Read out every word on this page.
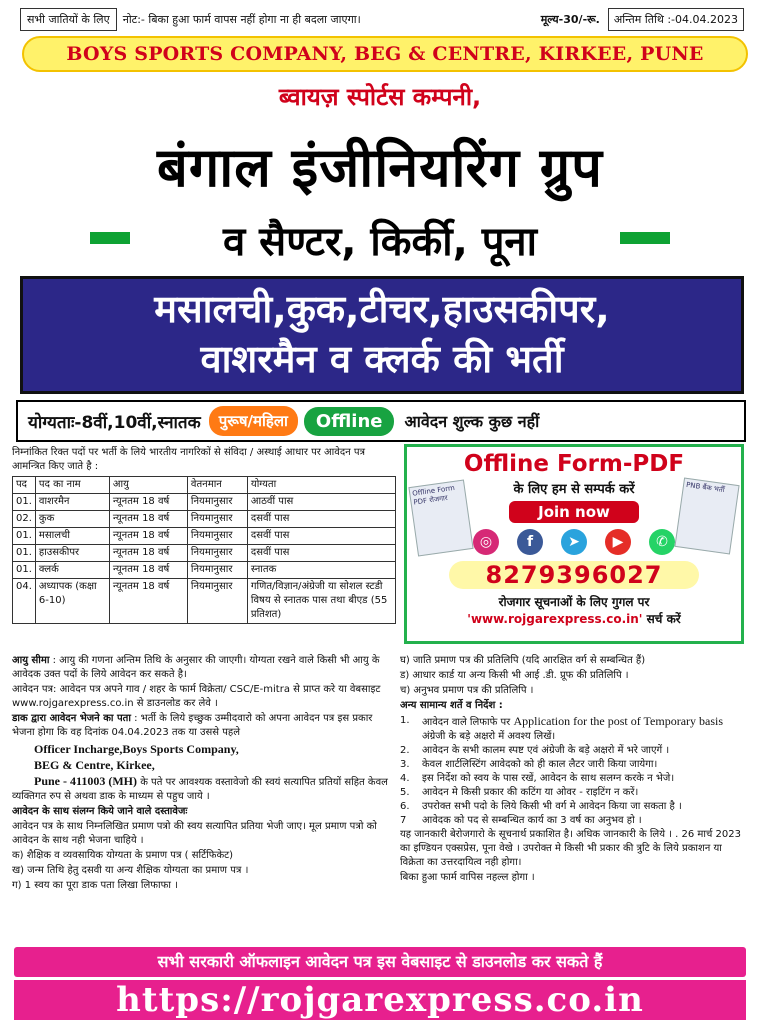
सभी जातियों के लिए	नोट:- बिका हुआ फार्म वापस नहीं होगा ना ही बदला जाएगा।	मूल्य-30/-रू.	अन्तिम तिथि :-04.04.2023
BOYS SPORTS COMPANY, BEG & CENTRE, KIRKEE, PUNE
ब्वायज़ स्पोर्टस कम्पनी,
बंगाल इंजीनियरिंग ग्रुप
व सैण्टर, किर्की, पूना
मसालची,कुक,टीचर,हाउसकीपर,
वाशरमैन व क्लर्क की भर्ती
योग्यताः-8वीं,10वीं,स्नातक	पुरूष/महिला	Offline	आवेदन शुल्क कुछ नहीं

निम्नांकित रिक्त पदों पर भर्ती के लिये भारतीय नागरिकों से संविदा / अस्थाई आधार पर आवेदन पत्र आमन्त्रित किए जाते है :

पद	पद का नाम	आयु	वेतनमान	योग्यता
01.	वाशरमैन	न्यूनतम 18 वर्ष	नियमानुसार	आठवीं पास
02.	कुक	न्यूनतम 18 वर्ष	नियमानुसार	दसवीं पास
01.	मसालची	न्यूनतम 18 वर्ष	नियमानुसार	दसवीं पास
01.	हाउसकीपर	न्यूनतम 18 वर्ष	नियमानुसार	दसवीं पास
01.	क्लर्क	न्यूनतम 18 वर्ष	नियमानुसार	स्नातक
04.	अध्यापक (कक्षा 6-10)	न्यूनतम 18 वर्ष	नियमानुसार	गणित/विज्ञान/अंग्रेजी या सोशल स्टडी विषय से स्नातक पास तथा बीएड (55 प्रतिशत)
Offline Form PDF रोजगार
PNB बैंक भर्ती
Offline Form-PDF
के लिए हम से सम्पर्क करें
Join now
◎	f	➤	▶	✆
8279396027
रोजगार सूचनाओं के लिए गुगल पर
'www.rojgarexpress.co.in' सर्च करें

आयु सीमा : आयु की गणना अन्तिम तिथि के अनुसार की जाएगी। योग्यता रखने वाले किसी भी आयु के आवेदक उक्त पदों के लिये आवेदन कर सकते है।

आवेदन पत्र: आवेदन पत्र अपने गाव / शहर के फार्म विक्रेता/ CSC/E-mitra से प्राप्त करे या वेबसाइट www.rojgarexpress.co.in से डाउनलोड कर लेवे ।

डाक द्वारा आवेदन भेजने का पता : भर्ती के लिये इच्छुक उम्मीदवारो को अपना आवेदन पत्र इस प्रकार भेजना होगा कि वह दिनांक 04.04.2023 तक या उससे पहले

Officer Incharge,Boys Sports Company,
BEG & Centre, Kirkee,

Pune - 411003 (MH) के पते पर आवश्यक वस्तावेजो की स्वयं सत्यापित प्रतियों सहित केवल व्यक्तिगत रुप से अथवा डाक के माध्यम से पहुच जाये ।

आवेदन के साथ संलग्न किये जाने वाले दस्तावेजः

आवेदन पत्र के साथ निम्नलिखित प्रमाण पत्रो की स्वय सत्यापित प्रतिया भेजी जाए। मूल प्रमाण पत्रो को आवेदन के साथ नही भेजना चाहिये ।

क) शैक्षिक व व्यवसायिक योग्यता के प्रमाण पत्र ( सर्टिफिकेट)

ख) जन्म तिथि हेतु दसवी या अन्य शैक्षिक योग्यता का प्रमाण पत्र ।

ग) 1 स्वय का पूरा डाक पता लिखा लिफाफा ।

घ) जाति प्रमाण पत्र की प्रतिलिपि (यदि आरक्षित वर्ग से सम्बन्धित हैं)

ड) आधार कार्ड या अन्य किसी भी आई .डी. प्रूफ की प्रतिलिपि ।

च) अनुभव प्रमाण पत्र की प्रतिलिपि ।

अन्य सामान्य शर्ते व निर्देश :

1.	आवेदन वाले लिफाफे पर Application for the post of Temporary basis अंग्रेजी के बड़े अक्षरो में अवश्य लिखें।
2.	आवेदन के सभी कालम स्पष्ट एवं अंग्रेजी के बड़े अक्षरो में भरे जाएगें ।
3.	केवल शार्टलिस्टिंग आवेदको को ही काल लैटर जारी किया जायेगा।
4.	इस निर्देश को स्वय के पास रखें, आवेदन के साथ सलग्न करके न भेजे।
5.	आवेदन मे किसी प्रकार की कटिंग या ओवर - राइटिंग न करें।
6.	उपरोक्त सभी पदो के लिये किसी भी वर्ग मे आवेदन किया जा सकता है ।
7	आवेदक को पद से सम्बन्धित कार्य का 3 वर्ष का अनुभव हो ।

यह जानकारी बेरोजगारो के सूचनार्थ प्रकाशित है। अधिक जानकारी के लिये । . 26 मार्च 2023 का इण्डियन एक्सप्रेस, पूना वेखे । उपरोक्त मे किसी भी प्रकार की त्रुटि के लिये प्रकाशन या विक्रेता का उत्तरदायित्व नही होगा।

बिका हुआ फार्म वापिस नहल्ल होगा ।

सभी सरकारी ऑफलाइन आवेदन पत्र इस वेबसाइट से डाउनलोड कर सकते हैं
https://rojgarexpress.co.in
